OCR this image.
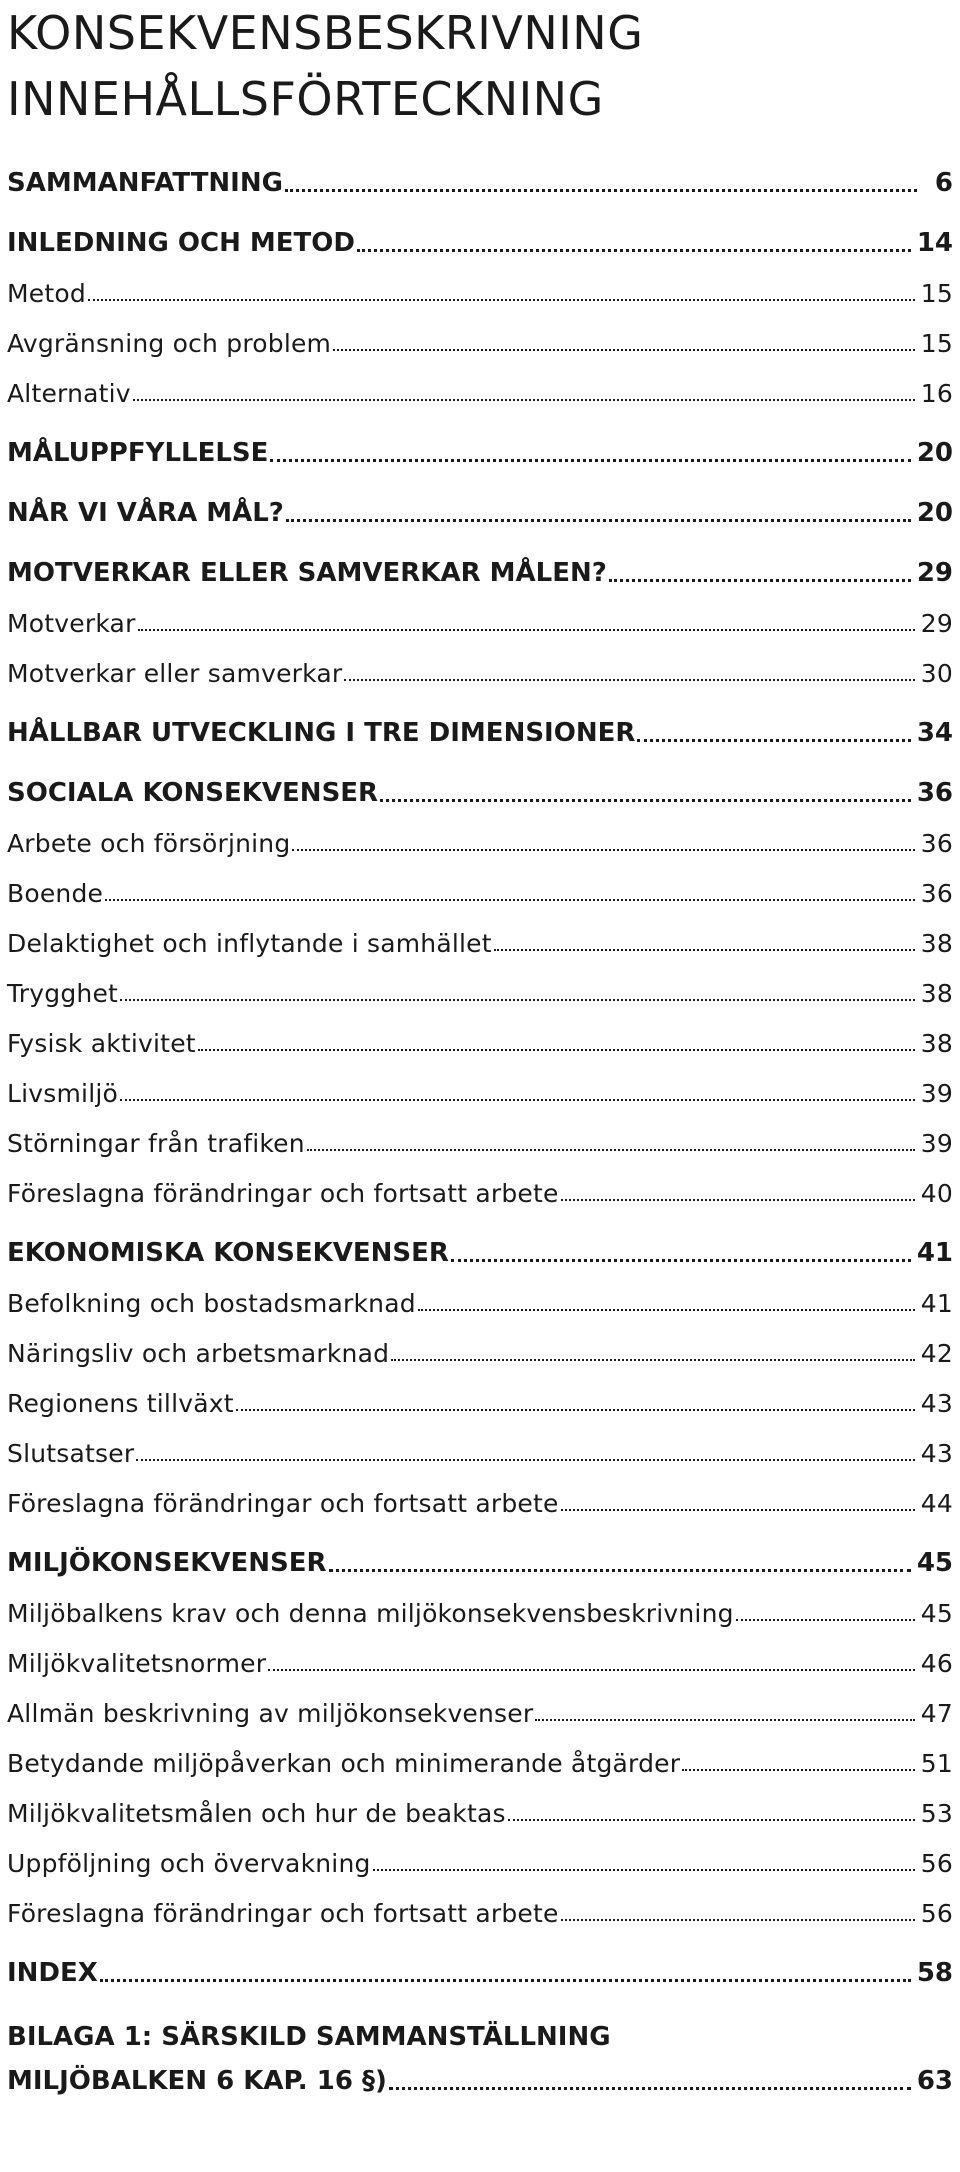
KONSEKVENSBESKRIVNING
INNEHÅLLSFÖRTECKNING
SAMMANFATTNING	6
INLEDNING OCH METOD	14
Metod	15
Avgränsning och problem	15
Alternativ	16
MÅLUPPFYLLELSE	20
NÅR VI VÅRA MÅL?	20
MOTVERKAR ELLER SAMVERKAR MÅLEN?	29
Motverkar	29
Motverkar eller samverkar	30
HÅLLBAR UTVECKLING I TRE DIMENSIONER	34
SOCIALA KONSEKVENSER	36
Arbete och försörjning	36
Boende	36
Delaktighet och inflytande i samhället	38
Trygghet	38
Fysisk aktivitet	38
Livsmiljö	39
Störningar från trafiken	39
Föreslagna förändringar och fortsatt arbete	40
EKONOMISKA KONSEKVENSER	41
Befolkning och bostadsmarknad	41
Näringsliv och arbetsmarknad	42
Regionens tillväxt	43
Slutsatser	43
Föreslagna förändringar och fortsatt arbete	44
MILJÖKONSEKVENSER	45
Miljöbalkens krav och denna miljökonsekvensbeskrivning	45
Miljökvalitetsnormer	46
Allmän beskrivning av miljökonsekvenser	47
Betydande miljöpåverkan och minimerande åtgärder	51
Miljökvalitetsmålen och hur de beaktas	53
Uppföljning och övervakning	56
Föreslagna förändringar och fortsatt arbete	56
INDEX	58
BILAGA 1: SÄRSKILD SAMMANSTÄLLNING
MILJÖBALKEN 6 KAP. 16 §)	63
